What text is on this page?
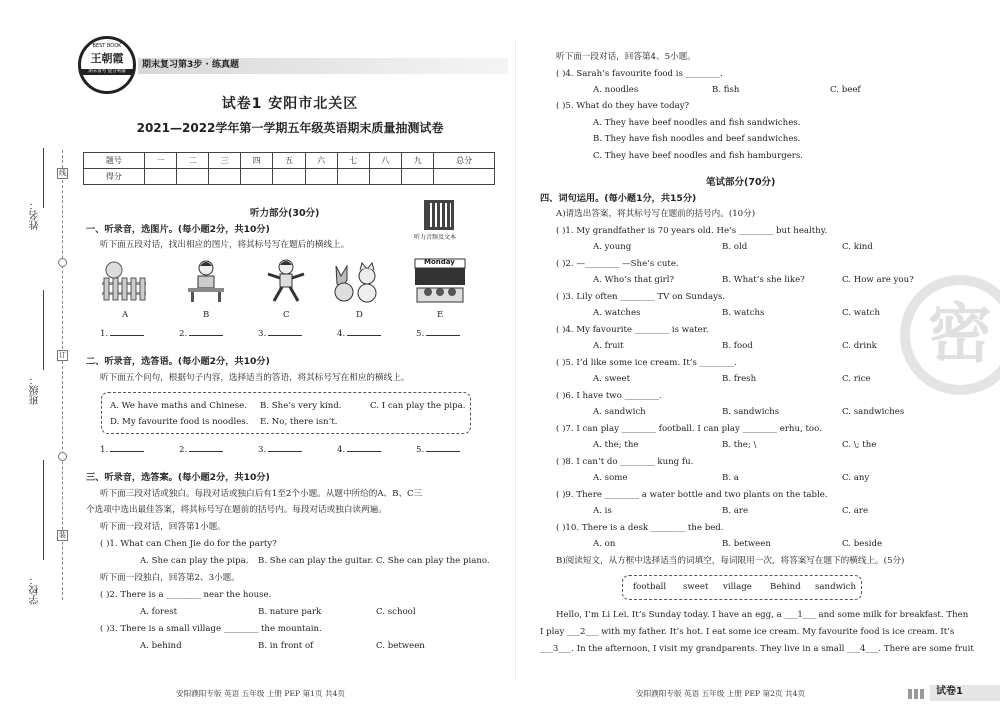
姓名：
班级：
学校：
线
订
装
BEST BOOK
王朝霞
期末备考 提分利器
期末复习第3步 · 练真题
试卷1 安阳市北关区
2021—2022学年第一学期五年级英语期末质量抽测试卷
题号	一	二	三	四	五	六	七	八	九	总分
得分										
听力部分(30分)
听力音频及文本
一、听录音，选图片。(每小题2分，共10分)
听下面五段对话，找出相应的图片，将其标号写在题后的横线上。
Monday
A	B	C	D	E
1.	2.	3.	4.	5.
二、听录音，选答语。(每小题2分，共10分)
听下面五个问句，根据句子内容，选择适当的答语，将其标号写在相应的横线上。
A. We have maths and Chinese. B. She’s very kind.	C. I can play the pipa.
D. My favourite food is noodles. E. No, there isn’t.
1.	2.	3.	4.	5.
三、听录音，选答案。(每小题2分，共10分)
听下面三段对话或独白。每段对话或独白后有1至2个小题。从题中所给的A、B、C三
个选项中选出最佳答案，将其标号写在题前的括号内。每段对话或独白读两遍。
听下面一段对话，回答第1小题。
( )1. What can Chen Jie do for the party?
A. She can play the pipa. B. She can play the guitar. C. She can play the piano.
听下面一段独白，回答第2、3小题。
( )2. There is a ________ near the house.
A. forest	B. nature park	C. school
( )3. There is a small village ________ the mountain.
A. behind	B. in front of	C. between
安阳濮阳专版 英语 五年级 上册 PEP 第1页 共4页
听下面一段对话，回答第4、5小题。
( )4. Sarah’s favourite food is ________.
A. noodles	B. fish	C. beef
( )5. What do they have today?
A. They have beef noodles and fish sandwiches.
B. They have fish noodles and beef sandwiches.
C. They have beef noodles and fish hamburgers.
笔试部分(70分)
四、词句运用。(每小题1分，共15分)
A)请选出答案，将其标号写在题前的括号内。(10分)
( )1. My grandfather is 70 years old. He’s ________ but healthy.
A. young	B. old	C. kind
( )2. —________ —She’s cute.
A. Who’s that girl?	B. What’s she like?	C. How are you?
( )3. Lily often ________ TV on Sundays.
A. watches	B. watchs	C. watch
( )4. My favourite ________ is water.
A. fruit	B. food	C. drink
( )5. I’d like some ice cream. It’s ________.
A. sweet	B. fresh	C. rice
( )6. I have two ________.
A. sandwich	B. sandwichs	C. sandwiches
( )7. I can play ________ football. I can play ________ erhu, too.
A. the; the	B. the; \	C. \; the
( )8. I can’t do ________ kung fu.
A. some	B. a	C. any
( )9. There ________ a water bottle and two plants on the table.
A. is	B. are	C. are
( )10. There is a desk ________ the bed.
A. on	B. between	C. beside
B)阅读短文，从方框中选择适当的词填空，每词限用一次，将答案写在题下的横线上。(5分)
football sweet village Behind sandwich
Hello, I’m Li Lei. It’s Sunday today. I have an egg, a ___1___ and some milk for breakfast. Then
I play ___2___ with my father. It’s hot. I eat some ice cream. My favourite food is ice cream. It’s
___3___. In the afternoon, I visit my grandparents. They live in a small ___4___. There are some fruit
安阳濮阳专版 英语 五年级 上册 PEP 第2页 共4页	试卷1
密
